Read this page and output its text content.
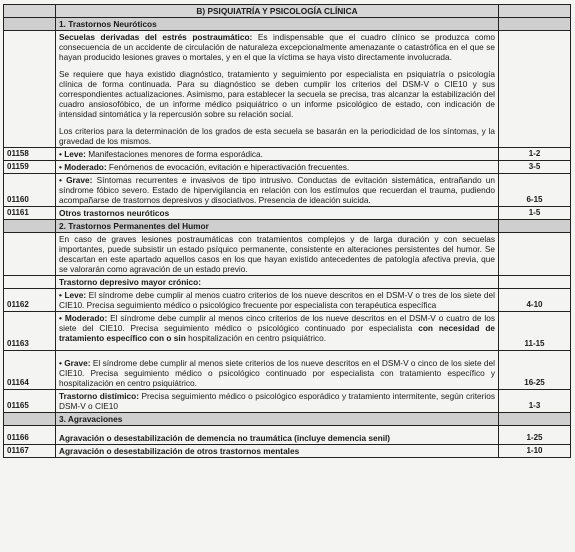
	B) PSIQUIATRÍA Y PSICOLOGÍA CLÍNICA	
	1. Trastornos Neuróticos	

	Secuelas derivadas del estrés postraumático: Es indispensable que el cuadro clínico se produzca como consecuencia de un accidente de circulación de naturaleza excepcionalmente amenazante o catastrófica en el que se hayan producido lesiones graves o mortales, y en el que la víctima se haya visto directamente involucrada.

Se requiere que haya existido diagnóstico, tratamiento y seguimiento por especialista en psiquiatría o psicología clínica de forma continuada. Para su diagnóstico se deben cumplir los criterios del DSM-V o CIE10 y sus correspondientes actualizaciones. Asimismo, para establecer la secuela se precisa, tras alcanzar la estabilización del cuadro ansiosofóbico, de un informe médico psiquiátrico o un informe psicológico de estado, con indicación de intensidad sintomática y la repercusión sobre su relación social.

Los criterios para la determinación de los grados de esta secuela se basarán en la periodicidad de los síntomas, y la gravedad de los mismos.	

01158	• Leve: Manifestaciones menores de forma esporádica.	1-2
01159	• Moderado: Fenómenos de evocación, evitación e hiperactivación frecuentes.	3-5
01160	• Grave: Síntomas recurrentes e invasivos de tipo intrusivo. Conductas de evitación sistemática, entrañando un síndrome fóbico severo. Estado de hipervigilancia en relación con los estímulos que recuerdan el trauma, pudiendo acompañarse de trastornos depresivos y disociativos. Presencia de ideación suicida.	6-15
01161	Otros trastornos neuróticos	1-5
	2. Trastornos Permanentes del Humor	
	En caso de graves lesiones postraumáticas con tratamientos complejos y de larga duración y con secuelas importantes, puede subsistir un estado psíquico permanente, consistente en alteraciones persistentes del humor. Se descartan en este apartado aquellos casos en los que hayan existido antecedentes de patología afectiva previa, que se valorarán como agravación de un estado previo.	
	Trastorno depresivo mayor crónico:	
01162	• Leve: El síndrome debe cumplir al menos cuatro criterios de los nueve descritos en el DSM-V o tres de los siete del CIE10. Precisa seguimiento médico o psicológico frecuente por especialista con terapéutica específica	4-10
01163	• Moderado: El síndrome debe cumplir al menos cinco criterios de los nueve descritos en el DSM-V o cuatro de los siete del CIE10. Precisa seguimiento médico o psicológico continuado por especialista con necesidad de tratamiento específico con o sin hospitalización en centro psiquiátrico.	11-15
01164	• Grave: El síndrome debe cumplir al menos siete criterios de los nueve descritos en el DSM-V o cinco de los siete del CIE10. Precisa seguimiento médico o psicológico continuado por especialista con tratamiento específico y hospitalización en centro psiquiátrico.	16-25
01165	Trastorno distímico: Precisa seguimiento médico o psicológico esporádico y tratamiento intermitente, según criterios DSM-V o CIE10	1-3
	3. Agravaciones	
01166	Agravación o desestabilización de demencia no traumática (incluye demencia senil)	1-25
01167	Agravación o desestabilización de otros trastornos mentales	1-10
